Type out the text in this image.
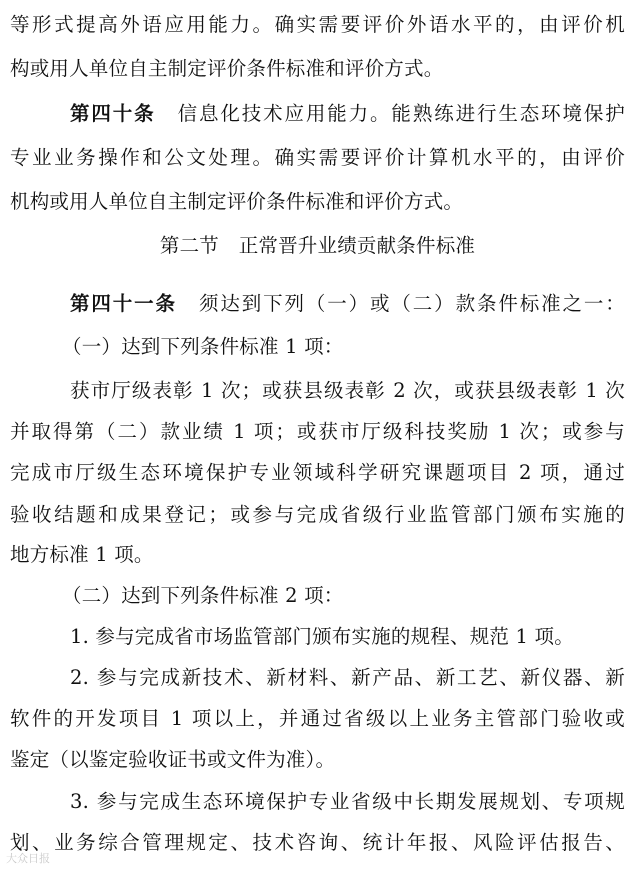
等形式提高外语应用能力。确实需要评价外语水平的，由评价机
构或用人单位自主制定评价条件标准和评价方式。
第四十条 信息化技术应用能力。能熟练进行生态环境保护
专业业务操作和公文处理。确实需要评价计算机水平的，由评价
机构或用人单位自主制定评价条件标准和评价方式。
第二节　正常晋升业绩贡献条件标准
第四十一条 须达到下列（一）或（二）款条件标准之一：
（一）达到下列条件标准 1 项：
获市厅级表彰 1 次；或获县级表彰 2 次，或获县级表彰 1 次
并取得第（二）款业绩 1 项；或获市厅级科技奖励 1 次；或参与
完成市厅级生态环境保护专业领域科学研究课题项目 2 项，通过
验收结题和成果登记；或参与完成省级行业监管部门颁布实施的
地方标准 1 项。
（二）达到下列条件标准 2 项：
1. 参与完成省市场监管部门颁布实施的规程、规范 1 项。
2. 参与完成新技术、新材料、新产品、新工艺、新仪器、新
软件的开发项目 1 项以上，并通过省级以上业务主管部门验收或
鉴定（以鉴定验收证书或文件为准）。
3. 参与完成生态环境保护专业省级中长期发展规划、专项规
划、业务综合管理规定、技术咨询、统计年报、风险评估报告、
大众日报
